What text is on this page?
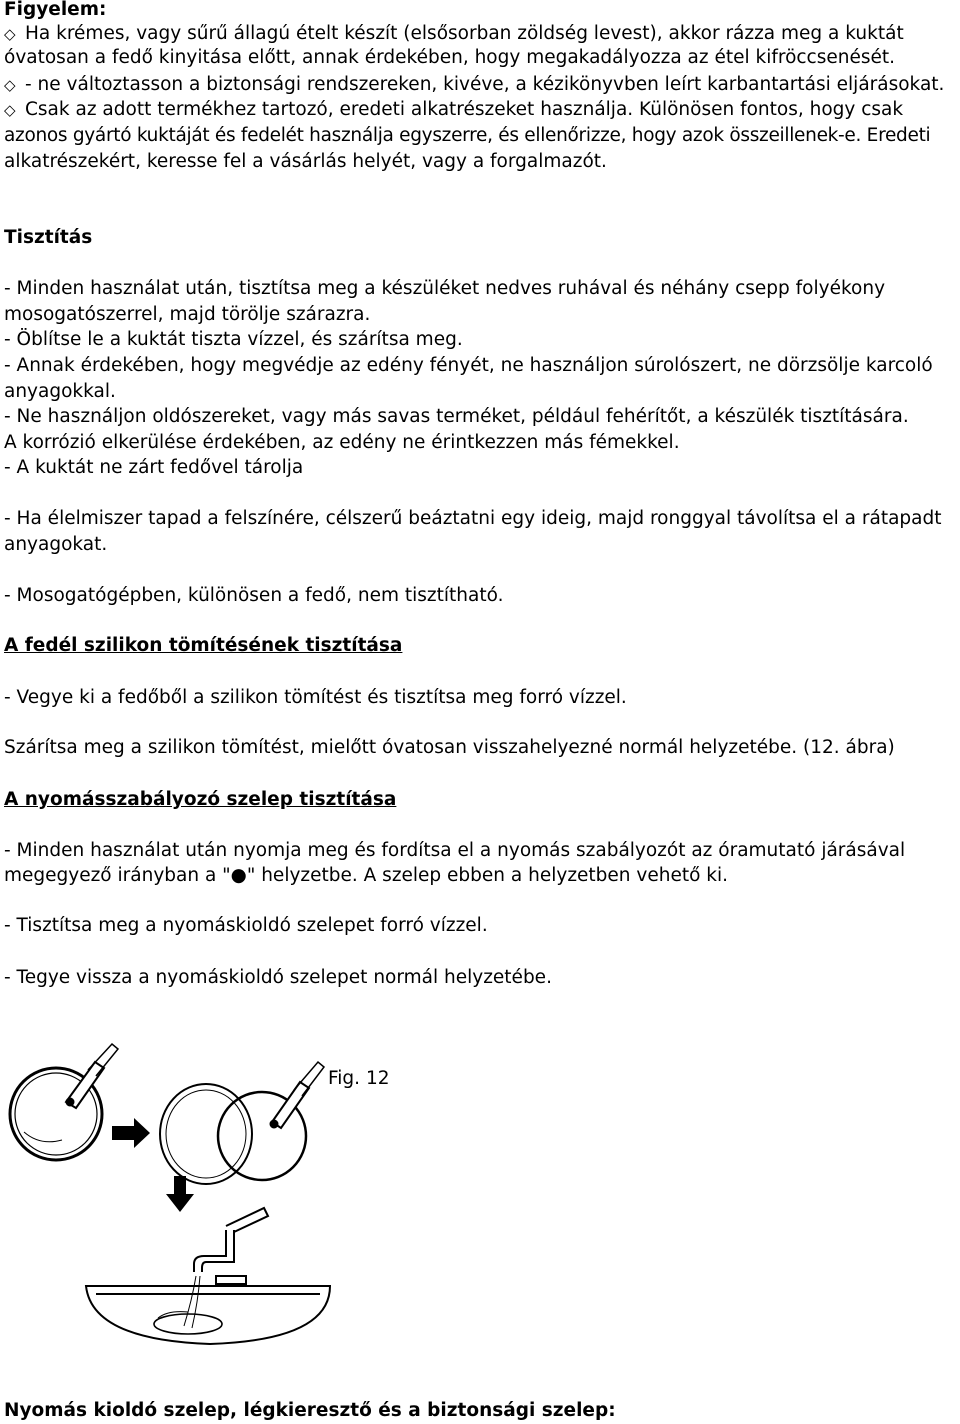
Figyelem:

◇ Ha krémes, vagy sűrű állagú ételt készít (elsősorban zöldség levest), akkor rázza meg a kuktát

óvatosan a fedő kinyitása előtt, annak érdekében, hogy megakadályozza az étel kifröccsenését.

◇ - ne változtasson a biztonsági rendszereken, kivéve, a kézikönyvben leírt karbantartási eljárásokat.

◇ Csak az adott termékhez tartozó, eredeti alkatrészeket használja. Különösen fontos, hogy csak

azonos gyártó kuktáját és fedelét használja egyszerre, és ellenőrizze, hogy azok összeillenek-e. Eredeti

alkatrészekért, keresse fel a vásárlás helyét, vagy a forgalmazót.

Tisztítás

- Minden használat után, tisztítsa meg a készüléket nedves ruhával és néhány csepp folyékony

mosogatószerrel, majd törölje szárazra.

- Öblítse le a kuktát tiszta vízzel, és szárítsa meg.

- Annak érdekében, hogy megvédje az edény fényét, ne használjon súrolószert, ne dörzsölje karcoló

anyagokkal.

- Ne használjon oldószereket, vagy más savas terméket, például fehérítőt, a készülék tisztítására.

A korrózió elkerülése érdekében, az edény ne érintkezzen más fémekkel.

- A kuktát ne zárt fedővel tárolja

- Ha élelmiszer tapad a felszínére, célszerű beáztatni egy ideig, majd ronggyal távolítsa el a rátapadt

anyagokat.

- Mosogatógépben, különösen a fedő, nem tisztítható.

A fedél szilikon tömítésének tisztítása

- Vegye ki a fedőből a szilikon tömítést és tisztítsa meg forró vízzel.

Szárítsa meg a szilikon tömítést, mielőtt óvatosan visszahelyezné normál helyzetébe. (12. ábra)

A nyomásszabályozó szelep tisztítása

- Minden használat után nyomja meg és fordítsa el a nyomás szabályozót az óramutató járásával

megegyező irányban a "●" helyzetbe. A szelep ebben a helyzetben vehető ki.

- Tisztítsa meg a nyomáskioldó szelepet forró vízzel.

- Tegye vissza a nyomáskioldó szelepet normál helyzetébe.

Fig. 12

Nyomás kioldó szelep, légkieresztő és a biztonsági szelep:
